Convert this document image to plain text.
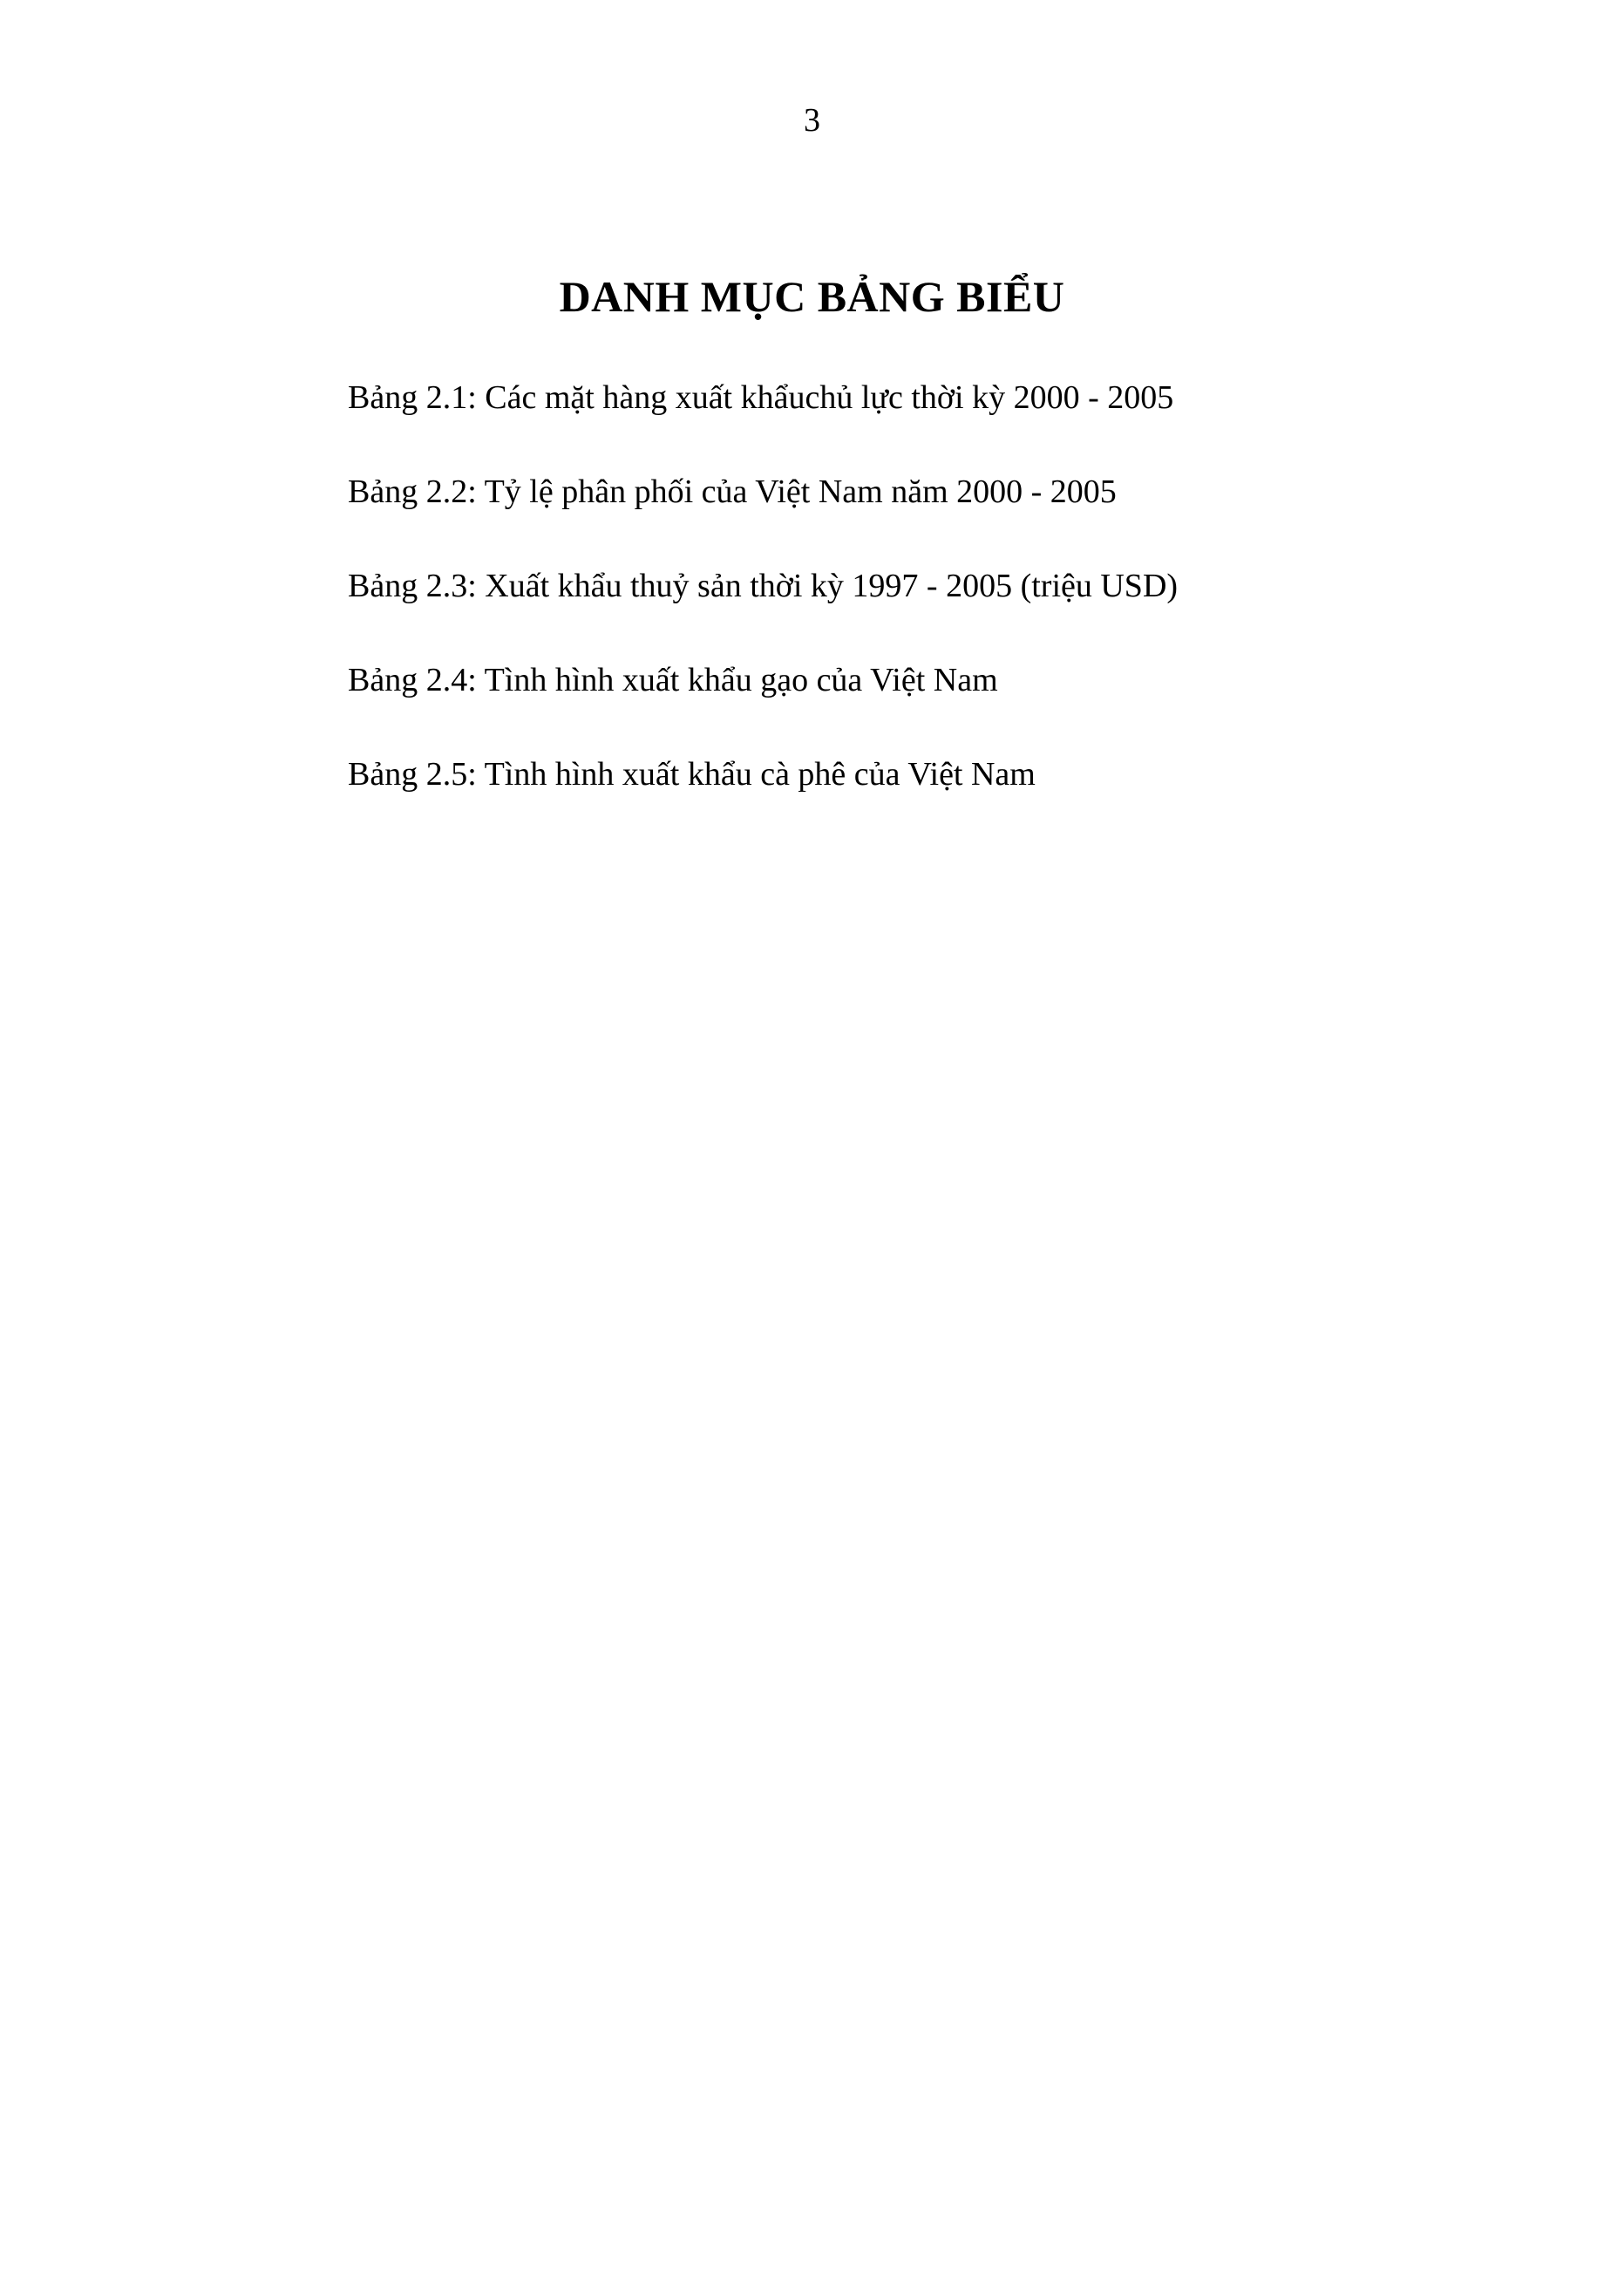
3
DANH MỤC BẢNG BIỂU
Bảng 2.1: Các mặt hàng xuất khẩuchủ lực thời kỳ 2000 - 2005
Bảng 2.2: Tỷ lệ phân phối của Việt Nam năm 2000 - 2005
Bảng 2.3: Xuất khẩu thuỷ sản thời kỳ 1997 - 2005 (triệu USD)
Bảng 2.4: Tình hình xuất khẩu gạo của Việt Nam
Bảng 2.5: Tình hình xuất khẩu cà phê của Việt Nam
